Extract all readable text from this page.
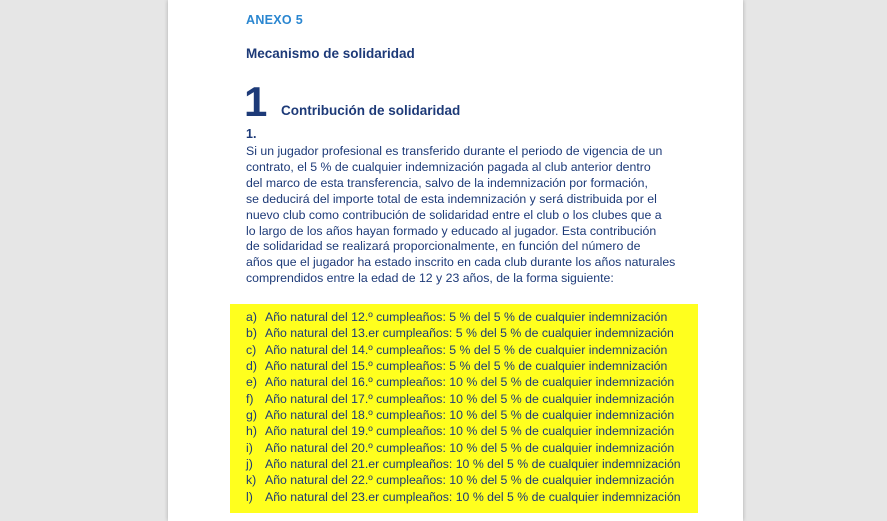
ANEXO 5
Mecanismo de solidaridad
1 Contribución de solidaridad
1.

Si un jugador profesional es transferido durante el periodo de vigencia de un
contrato, el 5 % de cualquier indemnización pagada al club anterior dentro
del marco de esta transferencia, salvo de la indemnización por formación,
se deducirá del importe total de esta indemnización y será distribuida por el
nuevo club como contribución de solidaridad entre el club o los clubes que a
lo largo de los años hayan formado y educado al jugador. Esta contribución
de solidaridad se realizará proporcionalmente, en función del número de
años que el jugador ha estado inscrito en cada club durante los años naturales
comprendidos entre la edad de 12 y 23 años, de la forma siguiente:

a) Año natural del 12.º cumpleaños: 5 % del 5 % de cualquier indemnización
b) Año natural del 13.er cumpleaños: 5 % del 5 % de cualquier indemnización
c) Año natural del 14.º cumpleaños: 5 % del 5 % de cualquier indemnización
d) Año natural del 15.º cumpleaños: 5 % del 5 % de cualquier indemnización
e) Año natural del 16.º cumpleaños: 10 % del 5 % de cualquier indemnización
f) Año natural del 17.º cumpleaños: 10 % del 5 % de cualquier indemnización
g) Año natural del 18.º cumpleaños: 10 % del 5 % de cualquier indemnización
h) Año natural del 19.º cumpleaños: 10 % del 5 % de cualquier indemnización
i) Año natural del 20.º cumpleaños: 10 % del 5 % de cualquier indemnización
j) Año natural del 21.er cumpleaños: 10 % del 5 % de cualquier indemnización
k) Año natural del 22.º cumpleaños: 10 % del 5 % de cualquier indemnización
l) Año natural del 23.er cumpleaños: 10 % del 5 % de cualquier indemnización
